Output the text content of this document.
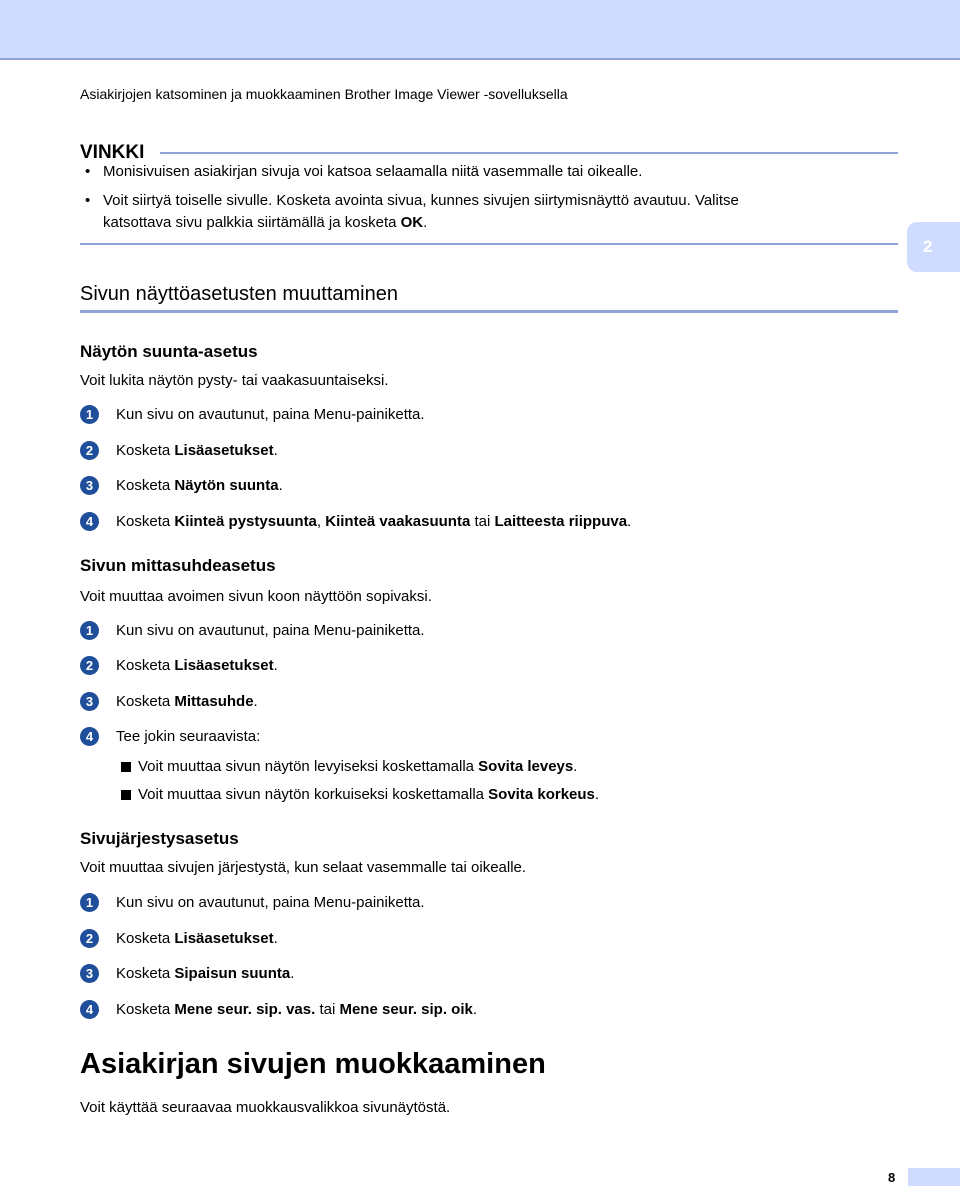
Asiakirjojen katsominen ja muokkaaminen Brother Image Viewer -sovelluksella
VINKKI
• Monisivuisen asiakirjan sivuja voi katsoa selaamalla niitä vasemmalle tai oikealle.
• Voit siirtyä toiselle sivulle. Kosketa avointa sivua, kunnes sivujen siirtymisnäyttö avautuu. Valitse
katsottava sivu palkkia siirtämällä ja kosketa OK.
2
Sivun näyttöasetusten muuttaminen
Näytön suunta-asetus
Voit lukita näytön pysty- tai vaakasuuntaiseksi.
1	Kun sivu on avautunut, paina Menu-painiketta.
2	Kosketa Lisäasetukset.
3	Kosketa Näytön suunta.
4	Kosketa Kiinteä pystysuunta, Kiinteä vaakasuunta tai Laitteesta riippuva.
Sivun mittasuhdeasetus
Voit muuttaa avoimen sivun koon näyttöön sopivaksi.
1	Kun sivu on avautunut, paina Menu-painiketta.
2	Kosketa Lisäasetukset.
3	Kosketa Mittasuhde.
4	Tee jokin seuraavista:
Voit muuttaa sivun näytön levyiseksi koskettamalla Sovita leveys.
Voit muuttaa sivun näytön korkuiseksi koskettamalla Sovita korkeus.
Sivujärjestysasetus
Voit muuttaa sivujen järjestystä, kun selaat vasemmalle tai oikealle.
1	Kun sivu on avautunut, paina Menu-painiketta.
2	Kosketa Lisäasetukset.
3	Kosketa Sipaisun suunta.
4	Kosketa Mene seur. sip. vas. tai Mene seur. sip. oik.
Asiakirjan sivujen muokkaaminen
Voit käyttää seuraavaa muokkausvalikkoa sivunäytöstä.
8
